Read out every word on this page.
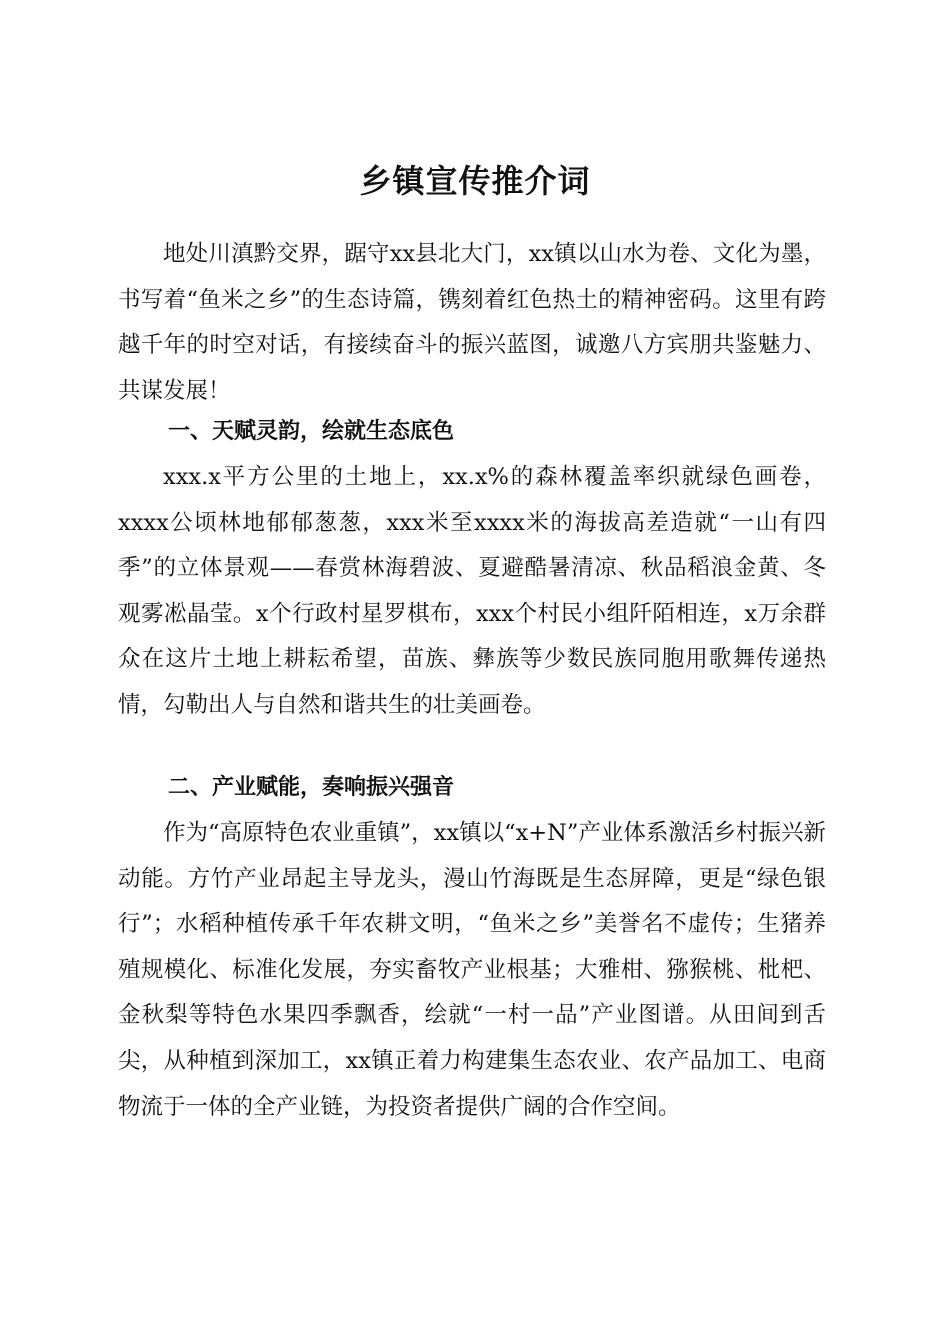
乡镇宣传推介词

地处川滇黔交界，踞守xx县北大门，xx镇以山水为卷、文化为墨，书写着“鱼米之乡”的生态诗篇，镌刻着红色热土的精神密码。这里有跨越千年的时空对话，有接续奋斗的振兴蓝图，诚邀八方宾朋共鉴魅力、共谋发展！

一、天赋灵韵，绘就生态底色

xxx.x平方公里的土地上，xx.x%的森林覆盖率织就绿色画卷，xxxx公顷林地郁郁葱葱，xxx米至xxxx米的海拔高差造就“一山有四季”的立体景观——春赏林海碧波、夏避酷暑清凉、秋品稻浪金黄、冬观雾凇晶莹。x个行政村星罗棋布，xxx个村民小组阡陌相连，x万余群众在这片土地上耕耘希望，苗族、彝族等少数民族同胞用歌舞传递热情，勾勒出人与自然和谐共生的壮美画卷。

二、产业赋能，奏响振兴强音

作为“高原特色农业重镇”，xx镇以“x+N”产业体系激活乡村振兴新动能。方竹产业昂起主导龙头，漫山竹海既是生态屏障，更是“绿色银行”；水稻种植传承千年农耕文明，“鱼米之乡”美誉名不虚传；生猪养殖规模化、标准化发展，夯实畜牧产业根基；大雅柑、猕猴桃、枇杷、金秋梨等特色水果四季飘香，绘就“一村一品”产业图谱。从田间到舌尖，从种植到深加工，xx镇正着力构建集生态农业、农产品加工、电商物流于一体的全产业链，为投资者提供广阔的合作空间。
